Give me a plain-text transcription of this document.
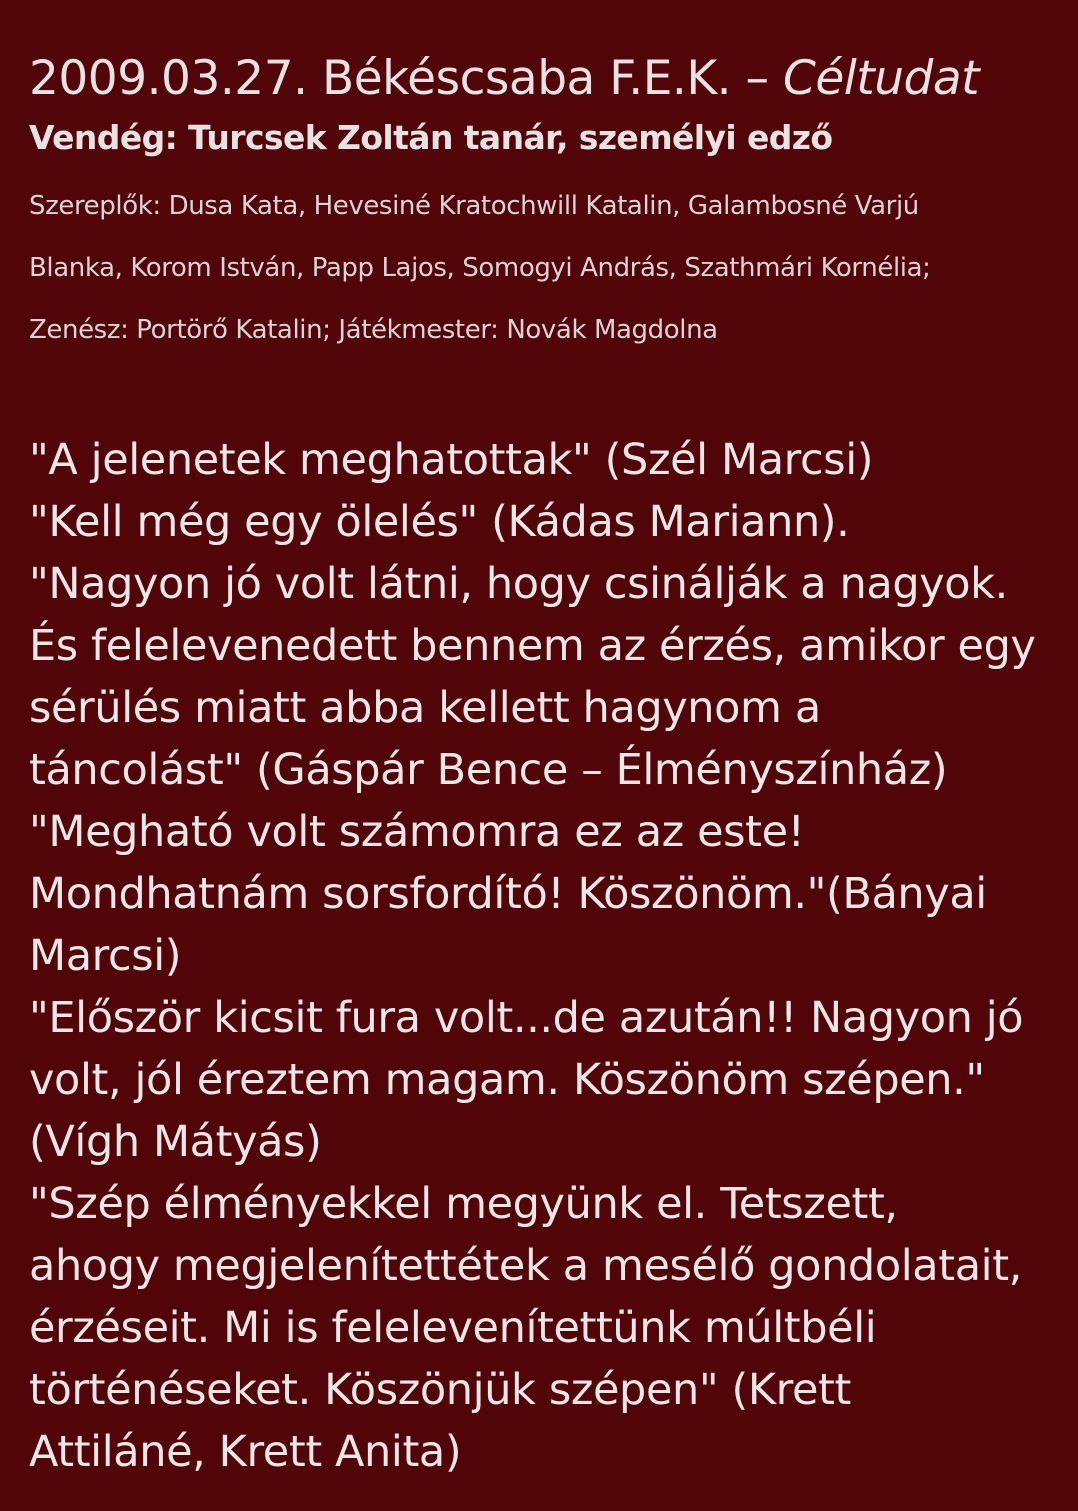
2009.03.27. Békéscsaba F.E.K. – Céltudat
Vendég: Turcsek Zoltán tanár, személyi edző
Szereplők: Dusa Kata, Hevesiné Kratochwill Katalin, Galambosné Varjú
Blanka, Korom István, Papp Lajos, Somogyi András, Szathmári Kornélia;
Zenész: Portörő Katalin; Játékmester: Novák Magdolna
"A jelenetek meghatottak" (Szél Marcsi)
"Kell még egy ölelés" (Kádas Mariann).
"Nagyon jó volt látni, hogy csinálják a nagyok.
És felelevenedett bennem az érzés, amikor egy
sérülés miatt abba kellett hagynom a
táncolást" (Gáspár Bence – Élményszínház)
"Megható volt számomra ez az este!
Mondhatnám sorsfordító! Köszönöm."(Bányai
Marcsi)
"Először kicsit fura volt...de azután!! Nagyon jó
volt, jól éreztem magam. Köszönöm szépen."
(Vígh Mátyás)
"Szép élményekkel megyünk el. Tetszett,
ahogy megjelenítettétek a mesélő gondolatait,
érzéseit. Mi is felelevenítettünk múltbéli
történéseket. Köszönjük szépen" (Krett
Attiláné, Krett Anita)
